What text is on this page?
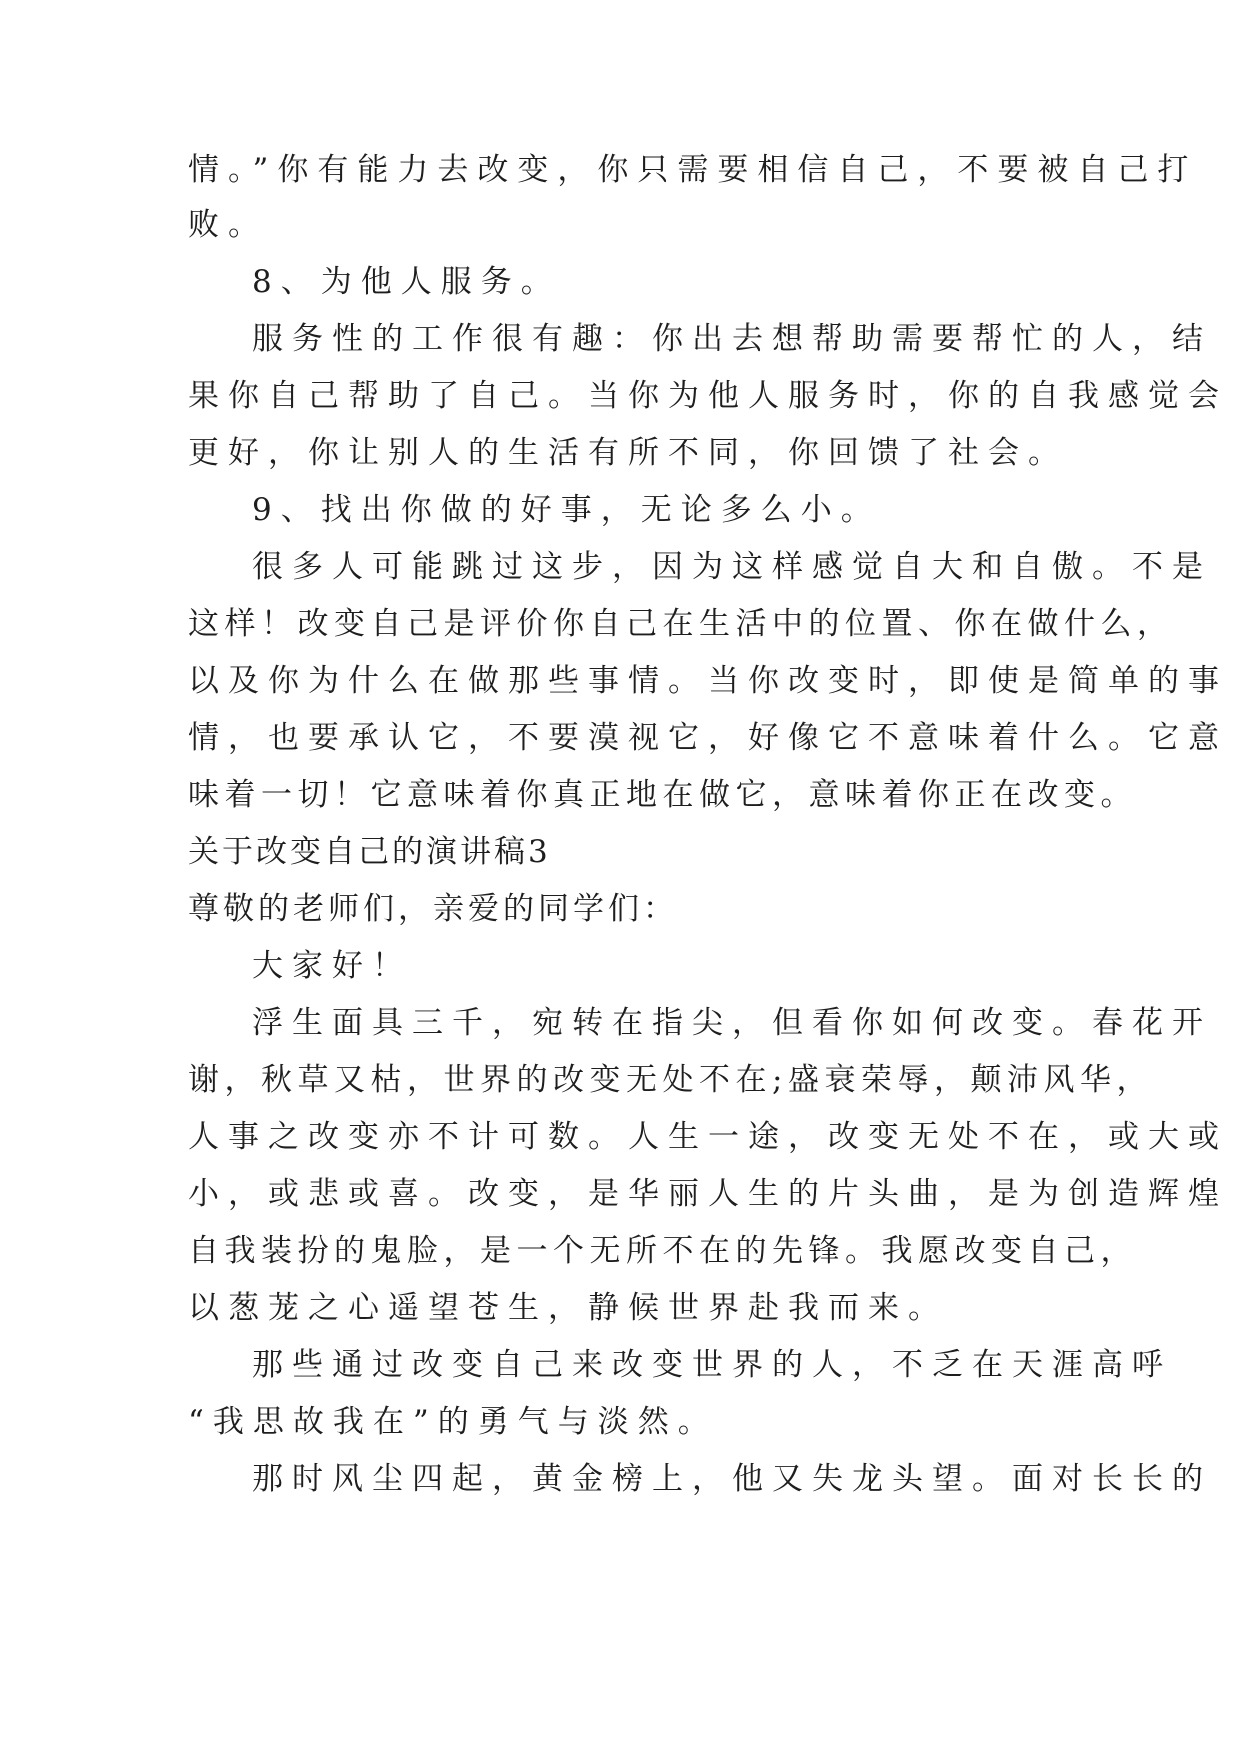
情。”你有能力去改变，你只需要相信自己，不要被自己打

败。

8、为他人服务。

服务性的工作很有趣：你出去想帮助需要帮忙的人，结

果你自己帮助了自己。当你为他人服务时，你的自我感觉会

更好，你让别人的生活有所不同，你回馈了社会。

9、找出你做的好事，无论多么小。

很多人可能跳过这步，因为这样感觉自大和自傲。不是

这样！改变自己是评价你自己在生活中的位置、你在做什么，

以及你为什么在做那些事情。当你改变时，即使是简单的事

情，也要承认它，不要漠视它，好像它不意味着什么。它意

味着一切！它意味着你真正地在做它，意味着你正在改变。

关于改变自己的演讲稿3

尊敬的老师们，亲爱的同学们：

大家好！

浮生面具三千，宛转在指尖，但看你如何改变。春花开

谢，秋草又枯，世界的改变无处不在;盛衰荣辱，颠沛风华，

人事之改变亦不计可数。人生一途，改变无处不在，或大或

小，或悲或喜。改变，是华丽人生的片头曲，是为创造辉煌

自我装扮的鬼脸，是一个无所不在的先锋。我愿改变自己，

以葱茏之心遥望苍生，静候世界赴我而来。

那些通过改变自己来改变世界的人，不乏在天涯高呼

“我思故我在”的勇气与淡然。

那时风尘四起，黄金榜上，他又失龙头望。面对长长的
